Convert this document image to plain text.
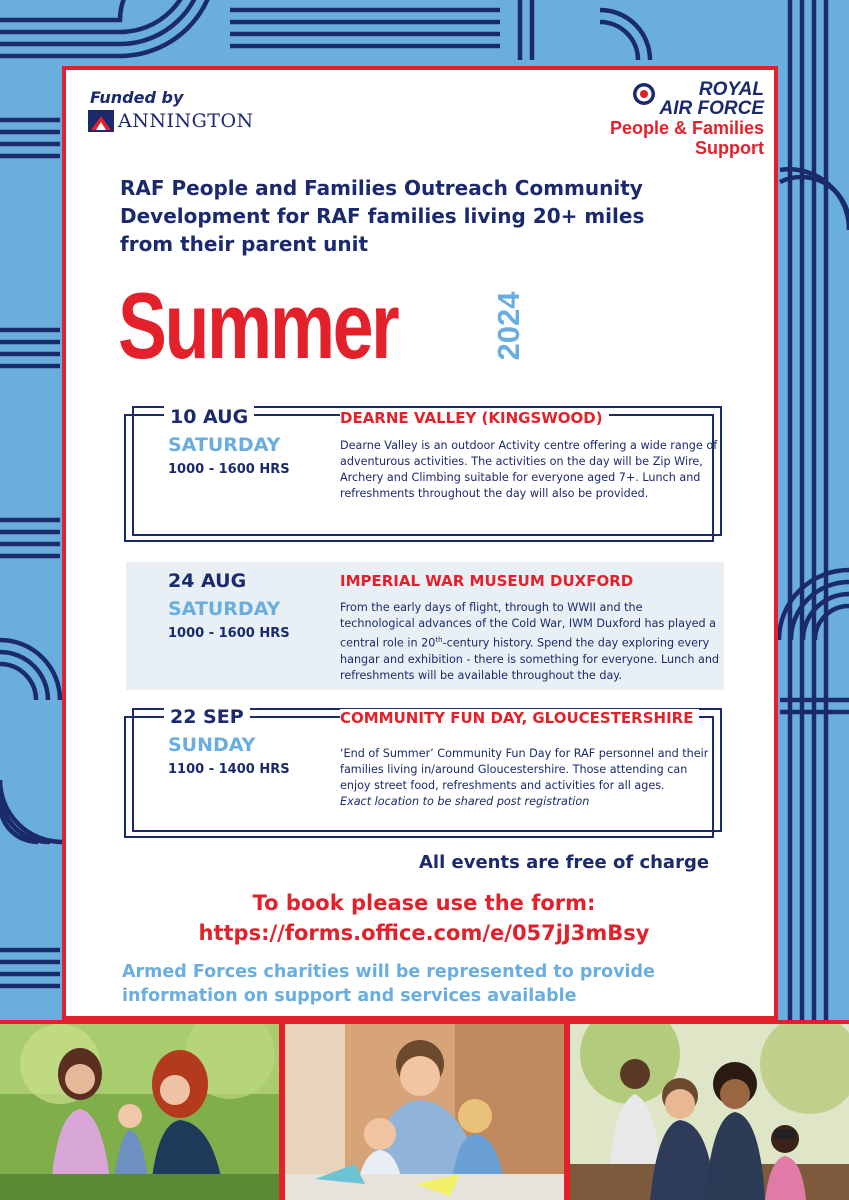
Funded by
ANNINGTON
ROYAL
AIR FORCE
People & Families
Support
RAF People and Families Outreach Community Development for RAF families living 20+ miles from their parent unit
Summer	2024
10 AUG
SATURDAY
1000 - 1600 HRS
DEARNE VALLEY (KINGSWOOD)
Dearne Valley is an outdoor Activity centre offering a wide range of adventurous activities. The activities on the day will be Zip Wire, Archery and Climbing suitable for everyone aged 7+. Lunch and refreshments throughout the day will also be provided.
24 AUG
SATURDAY
1000 - 1600 HRS
IMPERIAL WAR MUSEUM DUXFORD
From the early days of flight, through to WWII and the technological advances of the Cold War, IWM Duxford has played a central role in 20th-century history. Spend the day exploring every hangar and exhibition - there is something for everyone. Lunch and refreshments will be available throughout the day.
22 SEP
SUNDAY
1100 - 1400 HRS
COMMUNITY FUN DAY, GLOUCESTERSHIRE
‘End of Summer’ Community Fun Day for RAF personnel and their families living in/around Gloucestershire. Those attending can enjoy street food, refreshments and activities for all ages.
Exact location to be shared post registration
All events are free of charge
To book please use the form:
https://forms.office.com/e/057jJ3mBsy
Armed Forces charities will be represented to provide information on support and services available
